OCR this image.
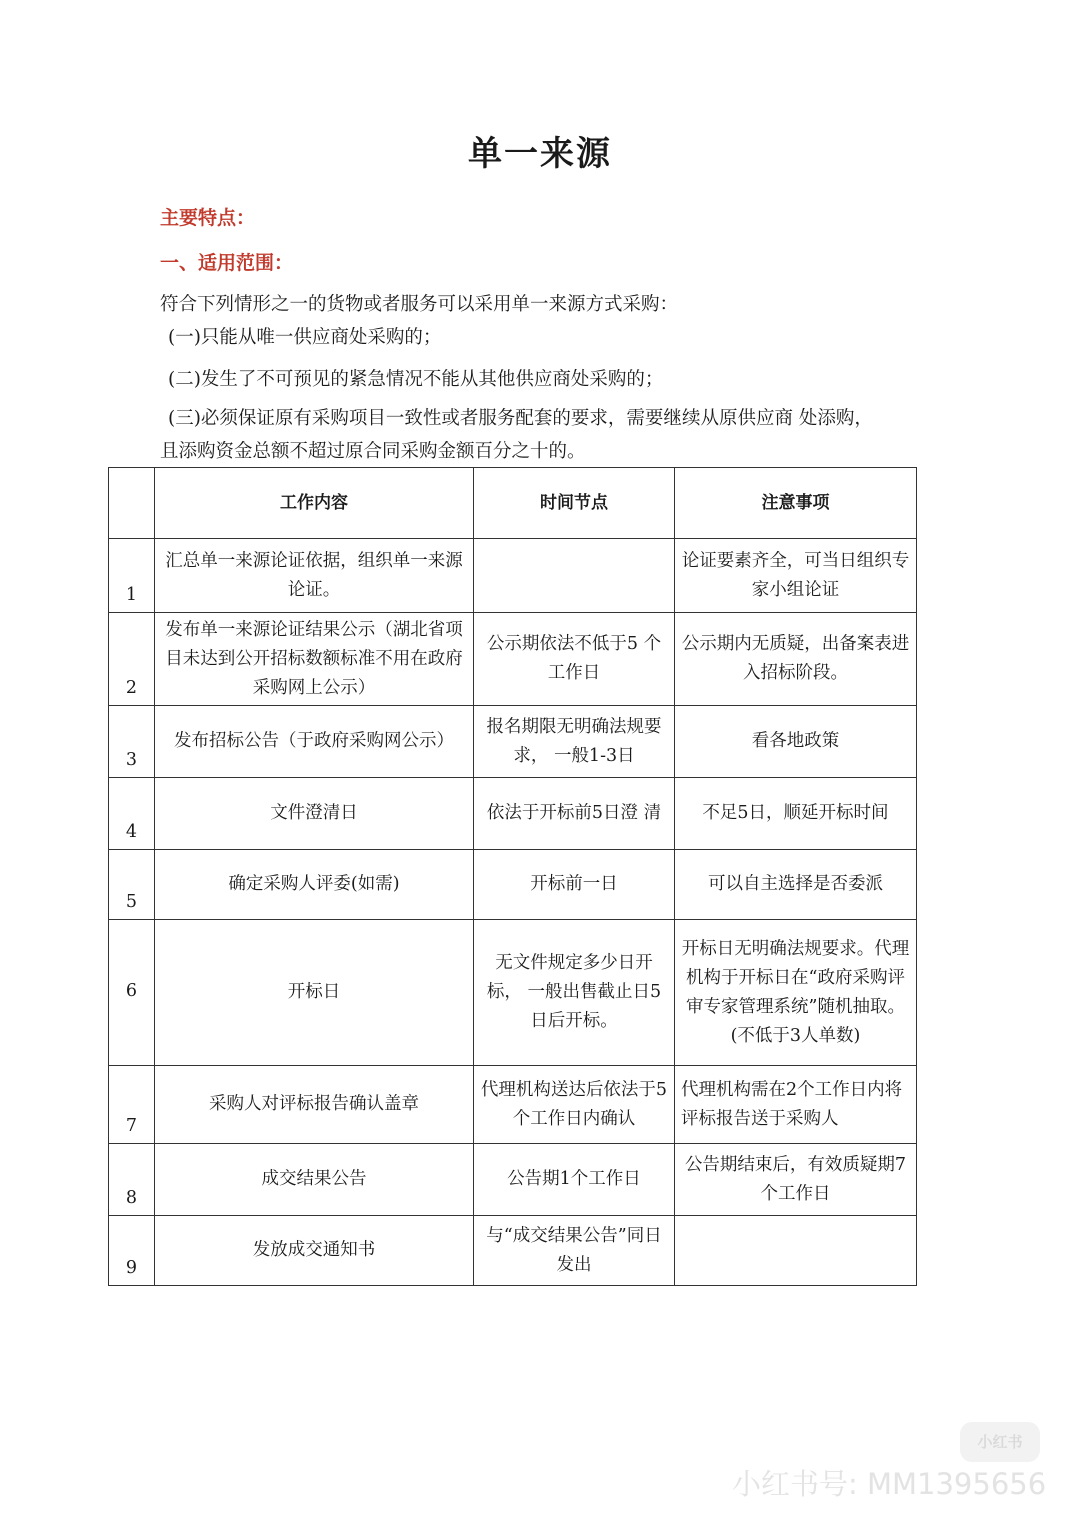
单一来源
主要特点：
一、适用范围：
符合下列情形之一的货物或者服务可以采用单一来源方式采购：
(一)只能从唯一供应商处采购的；
(二)发生了不可预见的紧急情况不能从其他供应商处采购的；
(三)必须保证原有采购项目一致性或者服务配套的要求，需要继续从原供应商 处添购，
且添购资金总额不超过原合同采购金额百分之十的。
	工作内容	时间节点	注意事项
1	汇总单一来源论证依据，组织单一来源论证。		论证要素齐全，可当日组织专家小组论证
2	发布单一来源论证结果公示（湖北省项目未达到公开招标数额标准不用在政府采购网上公示）	公示期依法不低于5 个工作日	公示期内无质疑，出备案表进入招标阶段。
3	发布招标公告（于政府采购网公示）	报名期限无明确法规要求， 一般1-3日	看各地政策
4	文件澄清日	依法于开标前5日澄 清	不足5日，顺延开标时间
5	确定采购人评委(如需)	开标前一日	可以自主选择是否委派
6	开标日	无文件规定多少日开标， 一般出售截止日5日后开标。	开标日无明确法规要求。代理机构于开标日在“政府采购评审专家管理系统”随机抽取。(不低于3人单数)
7	采购人对评标报告确认盖章	代理机构送达后依法于5个工作日内确认	代理机构需在2个工作日内将评标报告送于采购人
8	成交结果公告	公告期1个工作日	公告期结束后，有效质疑期7个工作日
9	发放成交通知书	与“成交结果公告”同日发出	
小红书
小红书号: MM1395656
